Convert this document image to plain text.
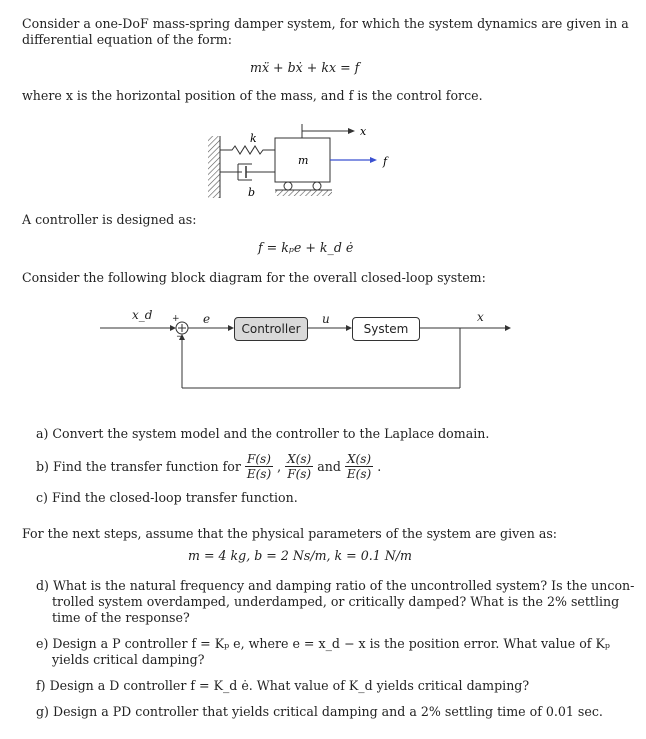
Consider a one-DoF mass-spring damper system, for which the system dynamics are given in a
differential equation of the form:
mẍ + bẋ + kx = f
where x is the horizontal position of the mass, and f is the control force.
k
b
m
x
f
A controller is designed as:
f = kₚe + k_d ė
Consider the following block diagram for the overall closed-loop system:
Controller	System
x_d	e	u	x
+
−
a) Convert the system model and the controller to the Laplace domain.
b) Find the transfer function for $\frac{F(s)}{E(s)}$ , $\frac{X(s)}{F(s)}$ and $\frac{X(s)}{E(s)}$ .
c) Find the closed-loop transfer function.
For the next steps, assume that the physical parameters of the system are given as:
m = 4 kg, b = 2 Ns/m, k = 0.1 N/m
d) What is the natural frequency and damping ratio of the uncontrolled system? Is the uncon-
trolled system overdamped, underdamped, or critically damped? What is the 2% settling
time of the response?
e) Design a P controller f = Kₚ e, where e = x_d − x is the position error. What value of Kₚ
yields critical damping?
f) Design a D controller f = K_d ė. What value of K_d yields critical damping?
g) Design a PD controller that yields critical damping and a 2% settling time of 0.01 sec.
